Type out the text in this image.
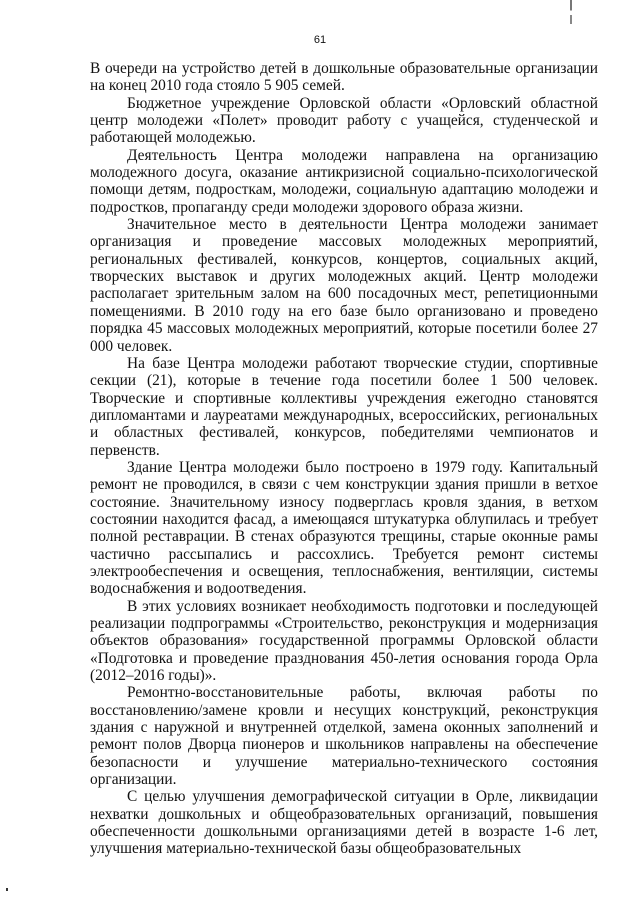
61

В очереди на устройство детей в дошкольные образовательные организации на конец 2010 года стояло 5 905 семей.

Бюджетное учреждение Орловской области «Орловский областной центр молодежи «Полет» проводит работу с учащейся, студенческой и работающей молодежью.

Деятельность Центра молодежи направлена на организацию молодежного досуга, оказание антикризисной социально-психологической помощи детям, подросткам, молодежи, социальную адаптацию молодежи и подростков, пропаганду среди молодежи здорового образа жизни.

Значительное место в деятельности Центра молодежи занимает организация и проведение массовых молодежных мероприятий, региональных фестивалей, конкурсов, концертов, социальных акций, творческих выставок и других молодежных акций. Центр молодежи располагает зрительным залом на 600 посадочных мест, репетиционными помещениями. В 2010 году на его базе было организовано и проведено порядка 45 массовых молодежных мероприятий, которые посетили более 27 000 человек.

На базе Центра молодежи работают творческие студии, спортивные секции (21), которые в течение года посетили более 1 500 человек. Творческие и спортивные коллективы учреждения ежегодно становятся дипломантами и лауреатами международных, всероссийских, региональных и областных фестивалей, конкурсов, победителями чемпионатов и первенств.

Здание Центра молодежи было построено в 1979 году. Капитальный ремонт не проводился, в связи с чем конструкции здания пришли в ветхое состояние. Значительному износу подверглась кровля здания, в ветхом состоянии находится фасад, а имеющаяся штукатурка облупилась и требует полной реставрации. В стенах образуются трещины, старые оконные рамы частично рассыпались и рассохлись. Требуется ремонт системы электрообеспечения и освещения, теплоснабжения, вентиляции, системы водоснабжения и водоотведения.

В этих условиях возникает необходимость подготовки и последующей реализации подпрограммы «Строительство, реконструкция и модернизация объектов образования» государственной программы Орловской области «Подготовка и проведение празднования 450-летия основания города Орла (2012–2016 годы)».

Ремонтно-восстановительные работы, включая работы по восстановлению/замене кровли и несущих конструкций, реконструкция здания с наружной и внутренней отделкой, замена оконных заполнений и ремонт полов Дворца пионеров и школьников направлены на обеспечение безопасности и улучшение материально-технического состояния организации.

С целью улучшения демографической ситуации в Орле, ликвидации нехватки дошкольных и общеобразовательных организаций, повышения обеспеченности дошкольными организациями детей в возрасте 1-6 лет, улучшения материально-технической базы общеобразовательных
